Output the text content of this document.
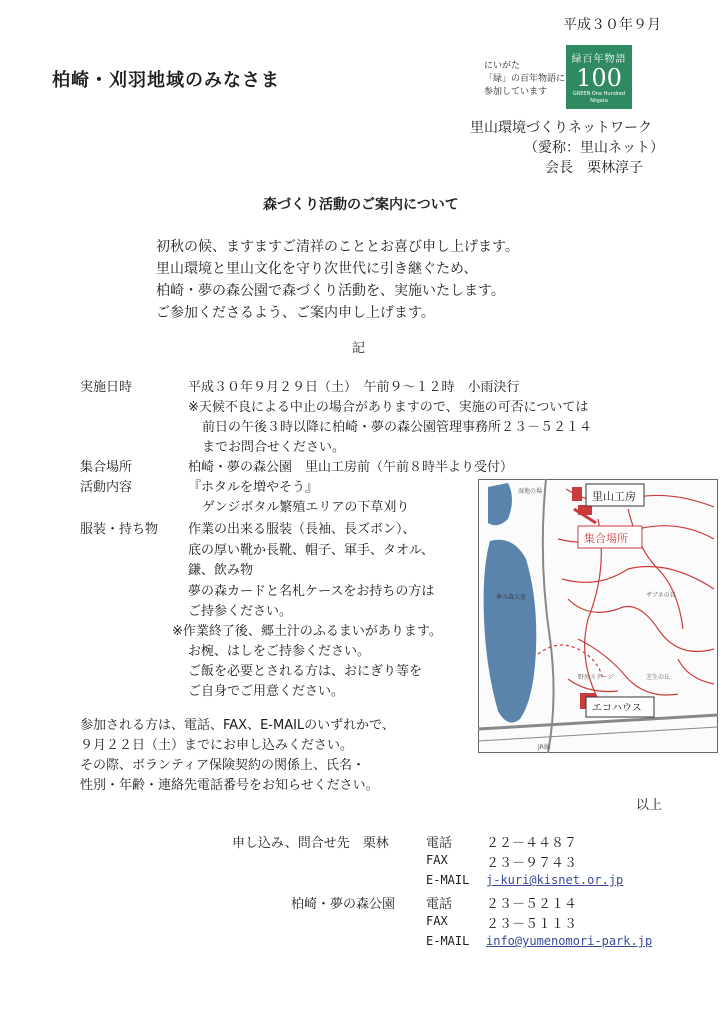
平成３０年９月
柏崎・刈羽地域のみなさま
にいがた
「緑」の百年物語に
参加しています
緑百年物語
100
GREEN One Hundred
Niigata
里山環境づくりネットワーク
（愛称：里山ネット）
会長　栗林淳子
森づくり活動のご案内について
初秋の候、ますますご清祥のこととお喜び申し上げます。
里山環境と里山文化を守り次世代に引き継ぐため、
柏崎・夢の森公園で森づくり活動を、実施いたします。
ご参加くださるよう、ご案内申し上げます。
記
実施日時	平成３０年９月２９日（土）　午前９～１２時　小雨決行
※天候不良による中止の場合がありますので、実施の可否については
前日の午後３時以降に柏崎・夢の森公園管理事務所２３－５２１４
までお問合せください。
集合場所	柏崎・夢の森公園　里山工房前（午前８時半より受付）
活動内容	『ホタルを増やそう』
ゲンジボタル繁殖エリアの下草刈り
服装・持ち物 作業の出来る服装（長袖、長ズボン）、
底の厚い靴か長靴、帽子、軍手、タオル、
鎌、飲み物
夢の森カードと名札ケースをお持ちの方は
ご持参ください。
※作業終了後、郷土汁のふるまいがあります。
お椀、はしをご持参ください。
ご飯を必要とされる方は、おにぎり等を
ご自身でご用意ください。
里山工房
集合場所
エコハウス
湿地の場
夢の森大池	ザブネの谷
野外ステージ	芝生の丘
JR線
参加される方は、電話、FAX、E-MAILのいずれかで、
９月２２日（土）までにお申し込みください。
その際、ボランティア保険契約の関係上、氏名・
性別・年齢・連絡先電話番号をお知らせください。
以上
申し込み、問合せ先　栗林	電話	２２－４４８７
FAX	２３－９７４３
E-MAIL j-kuri@kisnet.or.jp
柏崎・夢の森公園 電話	２３－５２１４
FAX	２３－５１１３
E-MAIL info@yumenomori-park.jp
